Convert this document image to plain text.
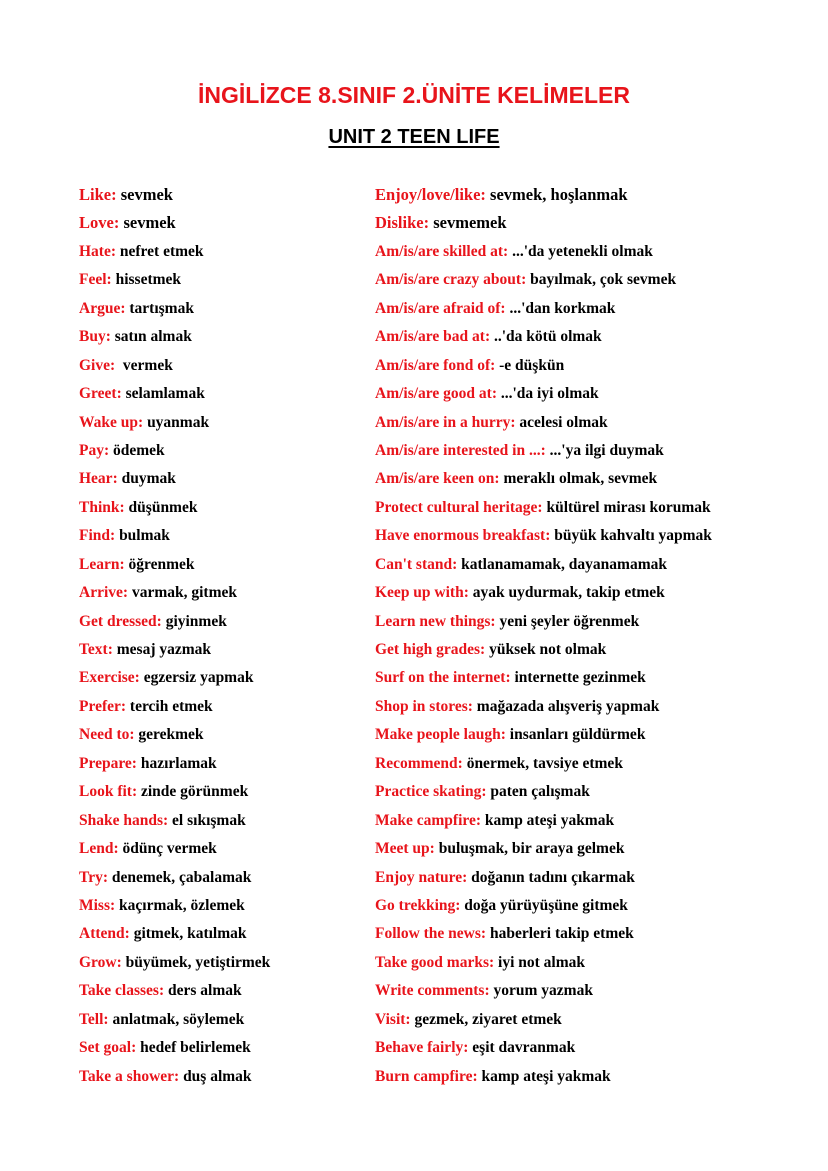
İNGİLİZCE 8.SINIF 2.ÜNİTE KELİMELER
UNIT 2 TEEN LIFE
Like: sevmek
Love: sevmek
Hate: nefret etmek
Feel: hissetmek
Argue: tartışmak
Buy: satın almak
Give:  vermek
Greet: selamlamak
Wake up: uyanmak
Pay: ödemek
Hear: duymak
Think: düşünmek
Find: bulmak
Learn: öğrenmek
Arrive: varmak, gitmek
Get dressed: giyinmek
Text: mesaj yazmak
Exercise: egzersiz yapmak
Prefer: tercih etmek
Need to: gerekmek
Prepare: hazırlamak
Look fit: zinde görünmek
Shake hands: el sıkışmak
Lend: ödünç vermek
Try: denemek, çabalamak
Miss: kaçırmak, özlemek
Attend: gitmek, katılmak
Grow: büyümek, yetiştirmek
Take classes: ders almak
Tell: anlatmak, söylemek
Set goal: hedef belirlemek
Take a shower: duş almak
Enjoy/love/like: sevmek, hoşlanmak
Dislike: sevmemek
Am/is/are skilled at: ...'da yetenekli olmak
Am/is/are crazy about: bayılmak, çok sevmek
Am/is/are afraid of: ...'dan korkmak
Am/is/are bad at: ..'da kötü olmak
Am/is/are fond of: -e düşkün
Am/is/are good at: ...'da iyi olmak
Am/is/are in a hurry: acelesi olmak
Am/is/are interested in ...: ...'ya ilgi duymak
Am/is/are keen on: meraklı olmak, sevmek
Protect cultural heritage: kültürel mirası korumak
Have enormous breakfast: büyük kahvaltı yapmak
Can't stand: katlanamamak, dayanamamak
Keep up with: ayak uydurmak, takip etmek
Learn new things: yeni şeyler öğrenmek
Get high grades: yüksek not olmak
Surf on the internet: internette gezinmek
Shop in stores: mağazada alışveriş yapmak
Make people laugh: insanları güldürmek
Recommend: önermek, tavsiye etmek
Practice skating: paten çalışmak
Make campfire: kamp ateşi yakmak
Meet up: buluşmak, bir araya gelmek
Enjoy nature: doğanın tadını çıkarmak
Go trekking: doğa yürüyüşüne gitmek
Follow the news: haberleri takip etmek
Take good marks: iyi not almak
Write comments: yorum yazmak
Visit: gezmek, ziyaret etmek
Behave fairly: eşit davranmak
Burn campfire: kamp ateşi yakmak
